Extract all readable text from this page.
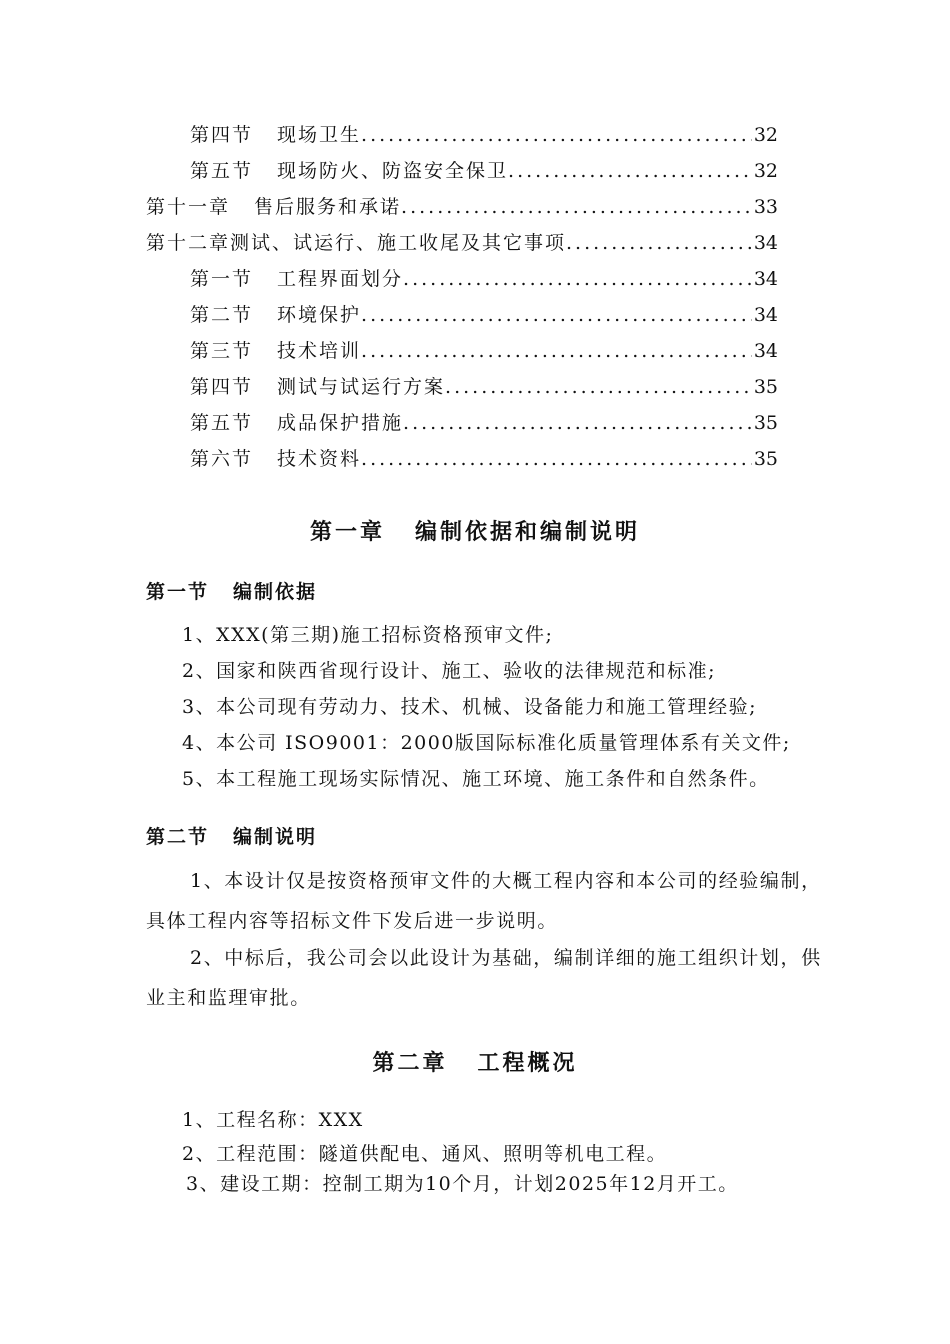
第四节 现场卫生 .....	32
第五节 现场防火、防盗安全保卫 .....	32
第十一章 售后服务和承诺 .....	33
第十二章测试、试运行、施工收尾及其它事项 .....	34
第一节 工程界面划分 .....	34
第二节 环境保护 .....	34
第三节 技术培训 .....	34
第四节 测试与试运行方案 .....	35
第五节 成品保护措施 .....	35
第六节 技术资料 .....	35
第一章 编制依据和编制说明
第一节 编制依据
1、XXX(第三期)施工招标资格预审文件;
2、国家和陕西省现行设计、施工、验收的法律规范和标准;
3、本公司现有劳动力、技术、机械、设备能力和施工管理经验;
4、本公司 ISO9001：2000版国际标准化质量管理体系有关文件;
5、本工程施工现场实际情况、施工环境、施工条件和自然条件。
第二节 编制说明
1、本设计仅是按资格预审文件的大概工程内容和本公司的经验编制，具体工程内容等招标文件下发后进一步说明。
2、中标后，我公司会以此设计为基础，编制详细的施工组织计划，供业主和监理审批。
第二章 工程概况
1、工程名称：XXX
2、工程范围：隧道供配电、通风、照明等机电工程。
3、建设工期：控制工期为10个月，计划2025年12月开工。
